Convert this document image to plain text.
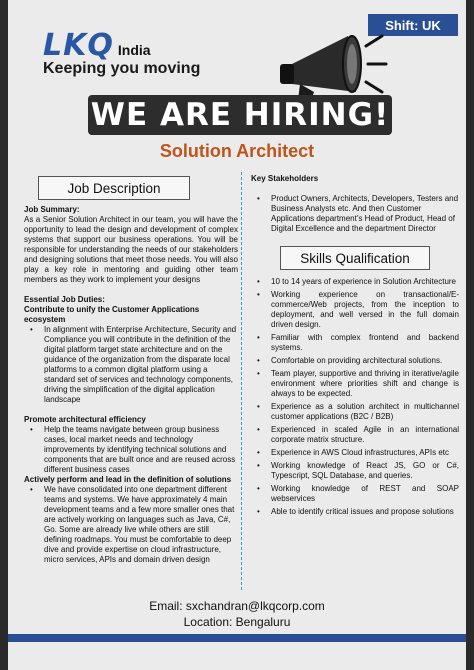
Shift: UK
LKQ India
Keeping you moving
WE ARE HIRING!
Solution Architect
Job Description

Job Summary:

As a Senior Solution Architect in our team, you will have the opportunity to lead the design and development of complex systems that support our business operations. You will be responsible for understanding the needs of our stakeholders and designing solutions that meet those needs. You will also play a key role in mentoring and guiding other team members as they work to implement your designs

Essential Job Duties:

Contribute to unify the Customer Applications ecosystem

• In alignment with Enterprise Architecture, Security and Compliance you will contribute in the definition of the digital platform target state architecture and on the guidance of the organization from the disparate local platforms to a common digital platform using a standard set of services and technology components, driving the simplification of the digital application landscape

Promote architectural efficiency

• Help the teams navigate between group business cases, local market needs and technology improvements by identifying technical solutions and components that are built once and are reused across different business cases

Actively perform and lead in the definition of solutions

• We have consolidated into one department different teams and systems. We have approximately 4 main development teams and a few more smaller ones that are actively working on languages such as Java, C#, Go. Some are already live while others are still defining roadmaps. You must be comfortable to deep dive and provide expertise on cloud infrastructure, micro services, APIs and domain driven design

Key Stakeholders

• Product Owners, Architects, Developers, Testers and Business Analysts etc. And then Customer Applications department’s Head of Product, Head of Digital Excellence and the department Director
Skills Qualification
• 10 to 14 years of experience in Solution Architecture
• Working experience on transactional/E-commerce/Web projects, from the inception to deployment, and well versed in the full domain driven design.
• Familiar with complex frontend and backend systems.
• Comfortable on providing architectural solutions.
• Team player, supportive and thriving in iterative/agile environment where priorities shift and change is always to be expected.
• Experience as a solution architect in multichannel customer applications (B2C / B2B)
• Experienced in scaled Agile in an international corporate matrix structure.
• Experience in AWS Cloud infrastructures, APIs etc
• Working knowledge of React JS, GO or C#, Typescript, SQL Database, and queries.
• Working knowledge of REST and SOAP webservices
• Able to identify critical issues and propose solutions
Email: sxchandran@lkqcorp.com
Location: Bengaluru
